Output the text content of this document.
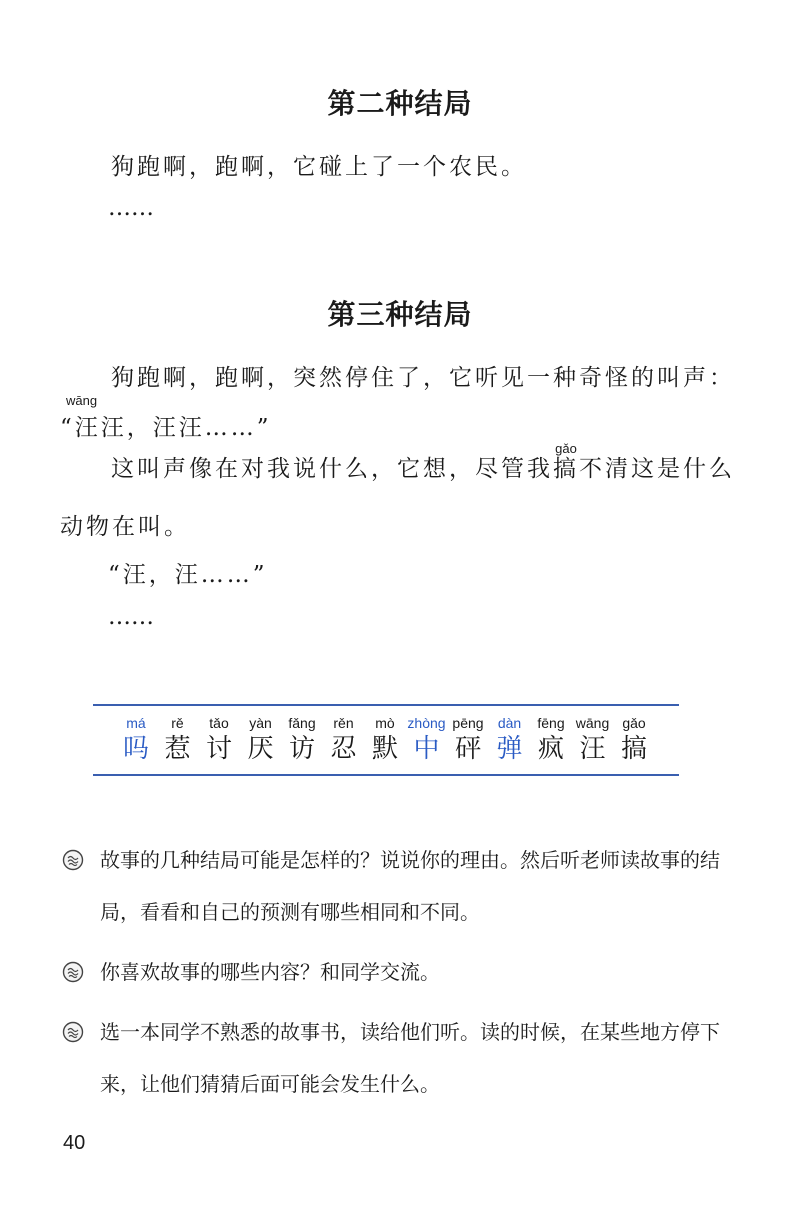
第二种结局
狗跑啊，跑啊，它碰上了一个农民。
……
第三种结局
狗跑啊，跑啊，突然停住了，它听见一种奇怪的叫声：
wāng
“汪汪，汪汪……”
这叫声像在对我说什么，它想，尽管我搞gǎo不清这是什么
动物在叫。
“汪，汪……”
……
má
吗
rě
惹
tǎo
讨
yàn
厌
fǎng
访
rěn
忍
mò
默
zhòng
中
pēng
砰
dàn
弹
fēng
疯
wāng
汪
gǎo
搞
故事的几种结局可能是怎样的？说说你的理由。然后听老师读故事的结局，看看和自己的预测有哪些相同和不同。
你喜欢故事的哪些内容？和同学交流。
选一本同学不熟悉的故事书，读给他们听。读的时候，在某些地方停下来，让他们猜猜后面可能会发生什么。
40
